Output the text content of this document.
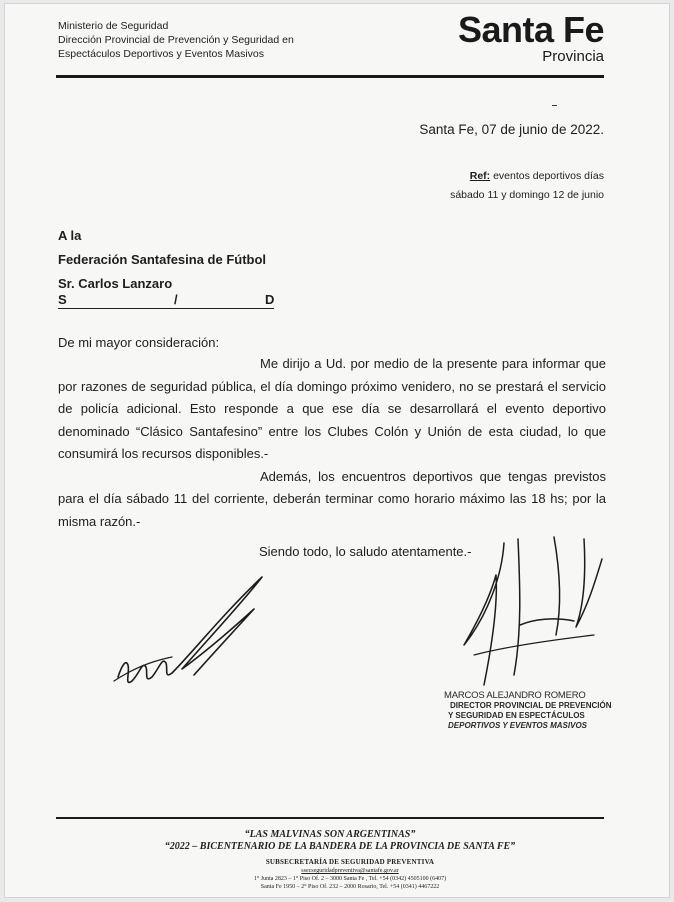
Ministerio de Seguridad
Dirección Provincial de Prevención y Seguridad en
Espectáculos Deportivos y Eventos Masivos
Santa Fe
Provincia
Santa Fe, 07 de junio de 2022.
Ref: eventos deportivos días
sábado 11 y domingo 12 de junio
A la
Federación Santafesina de Fútbol
Sr. Carlos Lanzaro
S	/	D
De mi mayor consideración:

Me dirijo a Ud. por medio de la presente para informar que por razones de seguridad pública, el día domingo próximo venidero, no se prestará el servicio de policía adicional. Esto responde a que ese día se desarrollará el evento deportivo denominado “Clásico Santafesino” entre los Clubes Colón y Unión de esta ciudad, lo que consumirá los recursos disponibles.-

Además, los encuentros deportivos que tengas previstos para el día sábado 11 del corriente, deberán terminar como horario máximo las 18 hs; por la misma razón.-

Siendo todo, lo saludo atentamente.-
MARCOS ALEJANDRO ROMERO
DIRECTOR PROVINCIAL DE PREVENCIÓN
Y SEGURIDAD EN ESPECTÁCULOS
DEPORTIVOS Y EVENTOS MASIVOS
“LAS MALVINAS SON ARGENTINAS”
“2022 – BICENTENARIO DE LA BANDERA DE LA PROVINCIA DE SANTA FE”
SUBSECRETARÍA DE SEGURIDAD PREVENTIVA
ssecseguridadpreventiva@santafe.gov.ar
1° Junta 2823 – 1° Piso Of. 2 – 3000 Santa Fe , Tel. +54 (0342) 4505100 (6407)
Santa Fe 1950 – 2° Piso Of. 232 – 2000 Rosario, Tel. +54 (0341) 4467222
